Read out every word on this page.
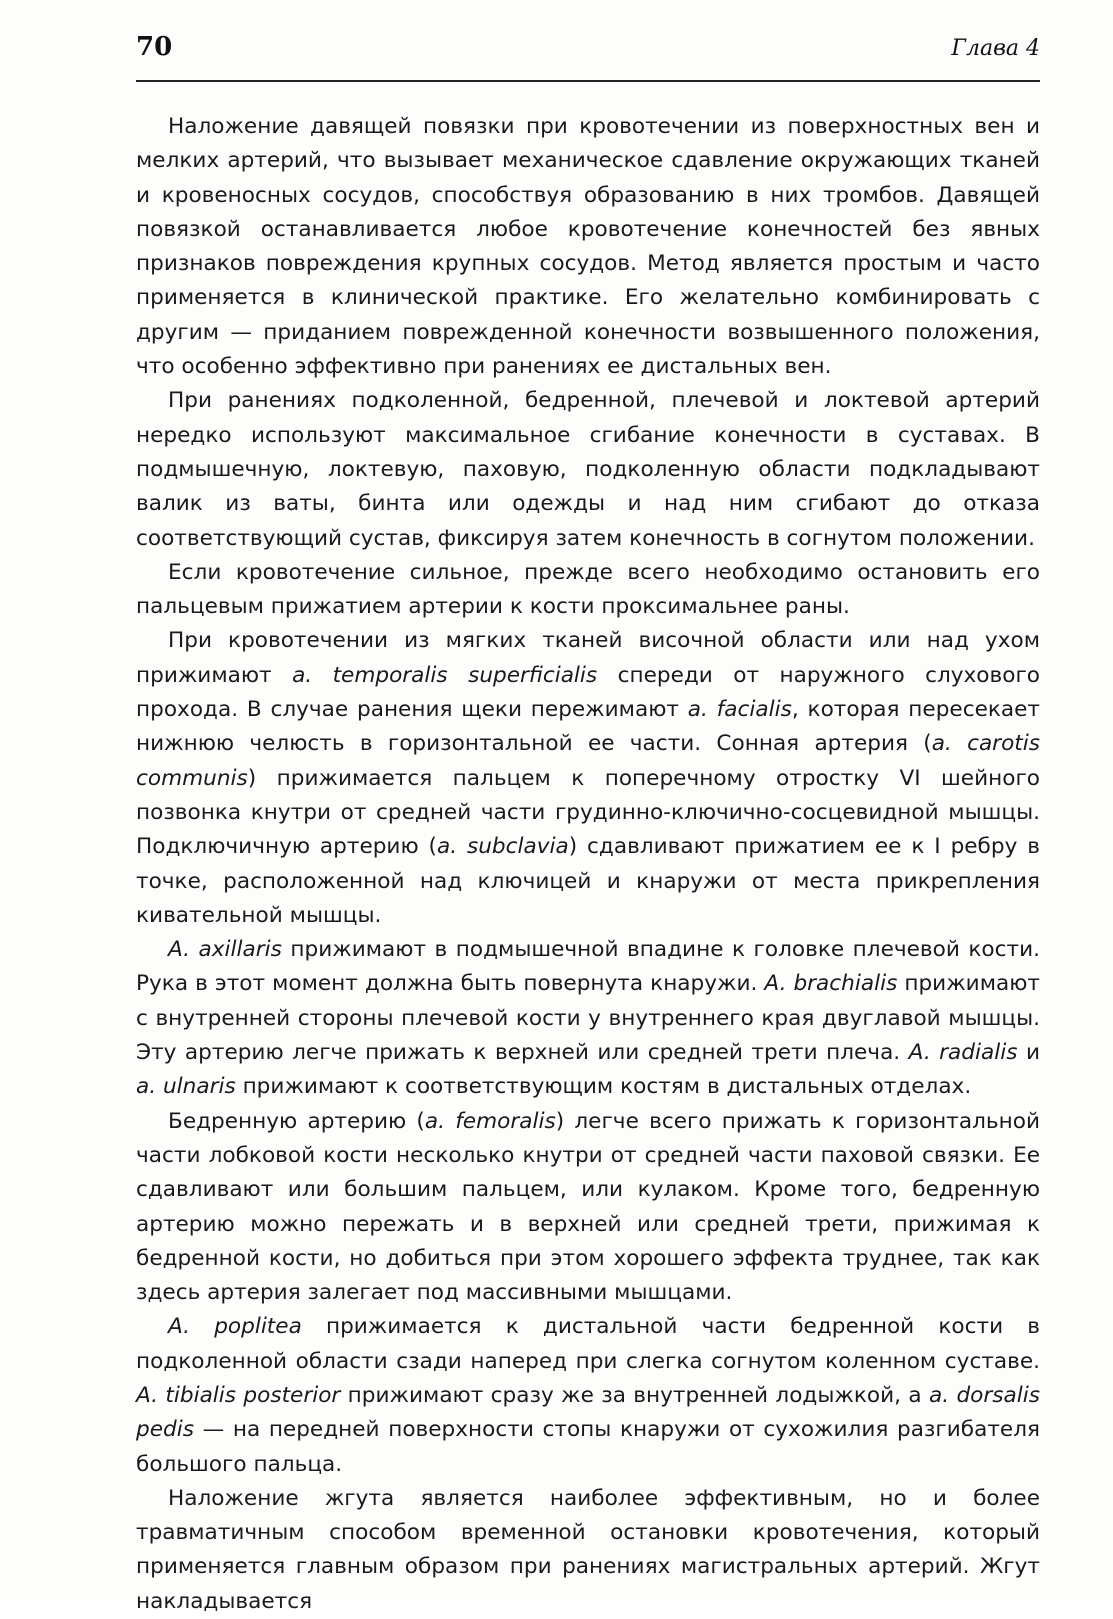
70	Глава 4

Наложение давящей повязки при кровотечении из поверхностных вен и мелких артерий, что вызывает механическое сдавление окружающих тканей и кровеносных сосудов, способствуя образованию в них тромбов. Давящей повязкой останавливается любое кровотечение конечностей без явных признаков повреждения крупных сосудов. Метод является простым и часто применяется в клинической практике. Его желательно комбинировать с другим — приданием поврежденной конечности возвышенного положения, что особенно эффективно при ранениях ее дистальных вен.

При ранениях подколенной, бедренной, плечевой и локтевой артерий нередко используют максимальное сгибание конечности в суставах. В подмышечную, локтевую, паховую, подколенную области подкладывают валик из ваты, бинта или одежды и над ним сгибают до отказа соответствующий сустав, фиксируя затем конечность в согнутом положении.

Если кровотечение сильное, прежде всего необходимо остановить его пальцевым прижатием артерии к кости проксимальнее раны.

При кровотечении из мягких тканей височной области или над ухом прижимают a. temporalis superficialis спереди от наружного слухового прохода. В случае ранения щеки пережимают a. facialis, которая пересекает нижнюю челюсть в горизонтальной ее части. Сонная артерия (a. carotis communis) прижимается пальцем к поперечному отростку VI шейного позвонка кнутри от средней части грудинно-ключично-сосцевидной мышцы. Подключичную артерию (a. subclavia) сдавливают прижатием ее к I ребру в точке, расположенной над ключицей и кнаружи от места прикрепления кивательной мышцы.

A. axillaris прижимают в подмышечной впадине к головке плечевой кости. Рука в этот момент должна быть повернута кнаружи. A. brachialis прижимают с внутренней стороны плечевой кости у внутреннего края двуглавой мышцы. Эту артерию легче прижать к верхней или средней трети плеча. A. radialis и a. ulnaris прижимают к соответствующим костям в дистальных отделах.

Бедренную артерию (a. femoralis) легче всего прижать к горизонтальной части лобковой кости несколько кнутри от средней части паховой связки. Ее сдавливают или большим пальцем, или кулаком. Кроме того, бедренную артерию можно пережать и в верхней или средней трети, прижимая к бедренной кости, но добиться при этом хорошего эффекта труднее, так как здесь артерия залегает под массивными мышцами.

A. poplitea прижимается к дистальной части бедренной кости в подколенной области сзади наперед при слегка согнутом коленном суставе. A. tibialis posterior прижимают сразу же за внутренней лодыжкой, а a. dorsalis pedis — на передней поверхности стопы кнаружи от сухожилия разгибателя большого пальца.

Наложение жгута является наиболее эффективным, но и более травматичным способом временной остановки кровотечения, который применяется главным образом при ранениях магистральных артерий. Жгут накладывается
